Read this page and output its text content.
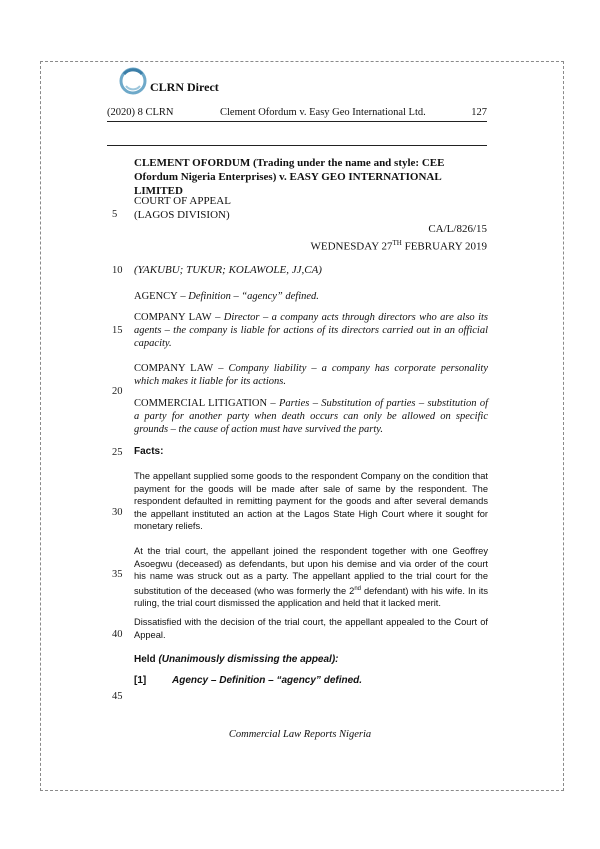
CLRN Direct
(2020) 8 CLRN	Clement Ofordum v. Easy Geo International Ltd.	127
5
10
15
20
25
30
35
40
45
CLEMENT OFORDUM (Trading under the name and style: CEE Ofordum Nigeria Enterprises) v. EASY GEO INTERNATIONAL LIMITED
COURT OF APPEAL
(LAGOS DIVISION)
CA/L/826/15
WEDNESDAY 27TH FEBRUARY 2019
(YAKUBU; TUKUR; KOLAWOLE, JJ,CA)
AGENCY – Definition – “agency” defined.
COMPANY LAW – Director – a company acts through directors who are also its agents – the company is liable for actions of its directors carried out in an official capacity.
COMPANY LAW – Company liability – a company has corporate personality which makes it liable for its actions.
COMMERCIAL LITIGATION – Parties – Substitution of parties – substitution of a party for another party when death occurs can only be allowed on specific grounds – the cause of action must have survived the party.
Facts:
The appellant supplied some goods to the respondent Company on the condition that payment for the goods will be made after sale of same by the respondent. The respondent defaulted in remitting payment for the goods and after several demands the appellant instituted an action at the Lagos State High Court where it sought for monetary reliefs.
At the trial court, the appellant joined the respondent together with one Geoffrey Asoegwu (deceased) as defendants, but upon his demise and via order of the court his name was struck out as a party. The appellant applied to the trial court for the substitution of the deceased (who was formerly the 2nd defendant) with his wife. In its ruling, the trial court dismissed the application and held that it lacked merit.
Dissatisfied with the decision of the trial court, the appellant appealed to the Court of Appeal.
Held (Unanimously dismissing the appeal):
[1]	Agency – Definition – “agency” defined.
Commercial Law Reports Nigeria
